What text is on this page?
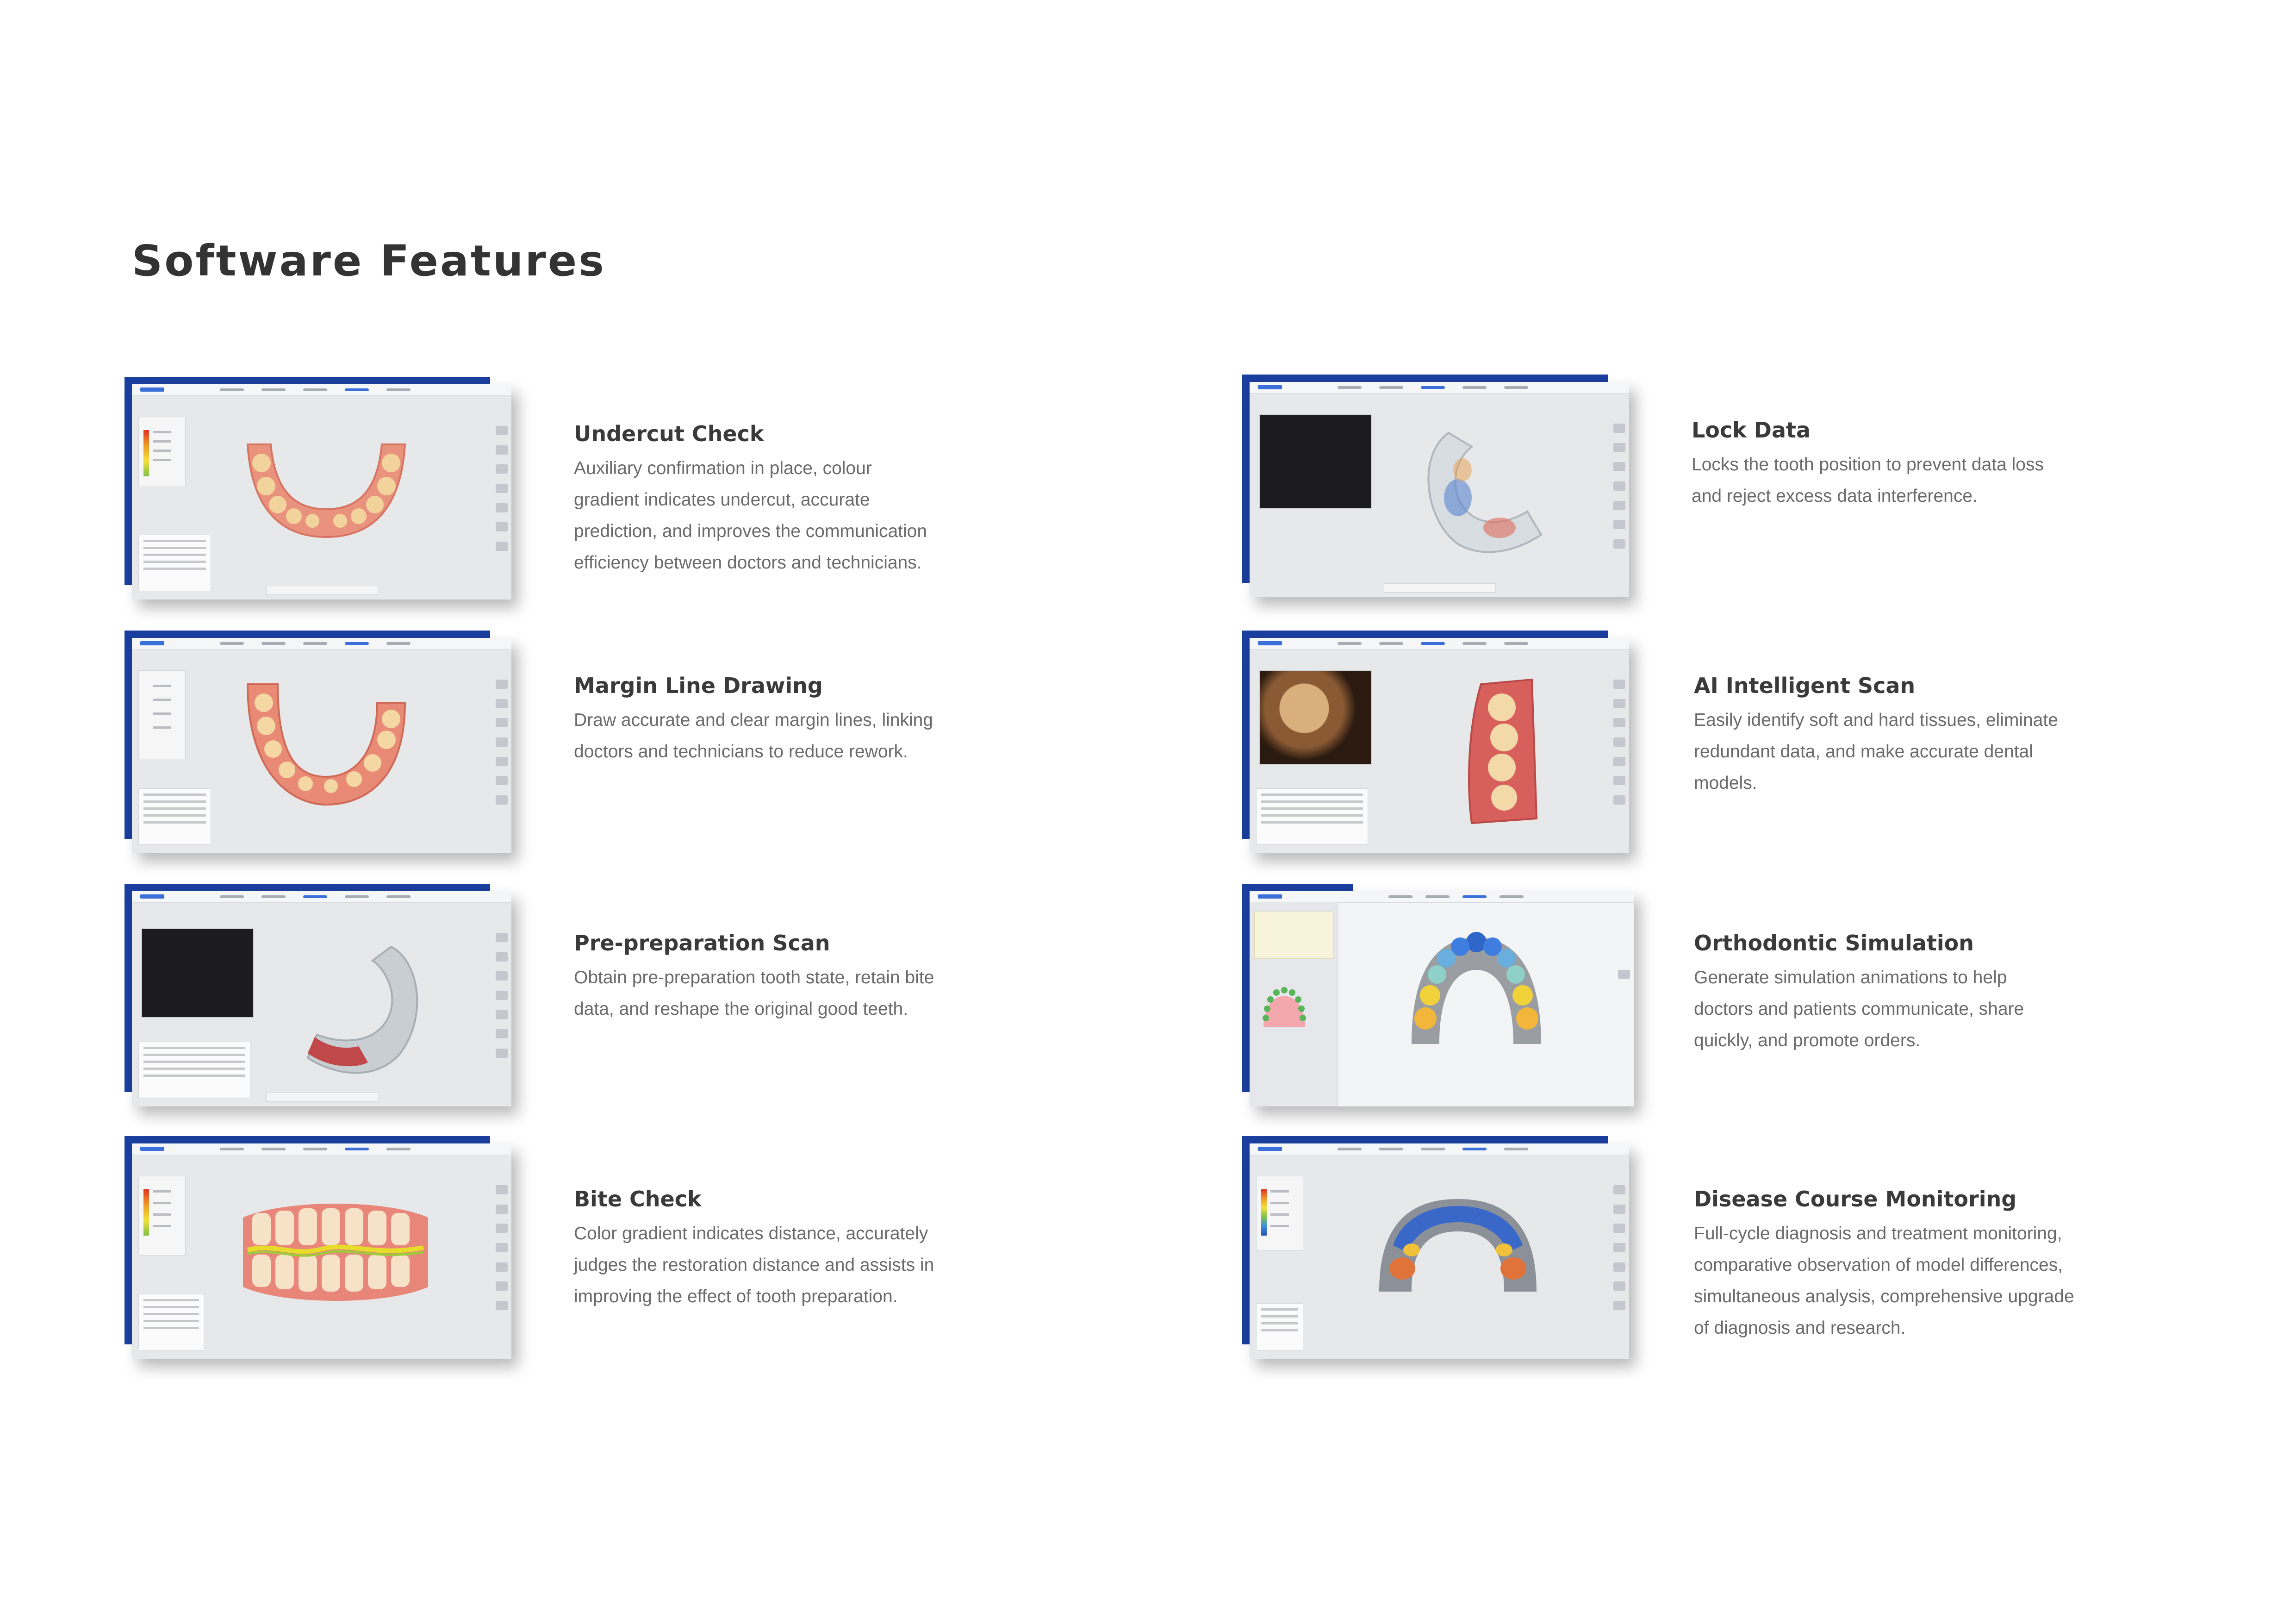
Software Features
Undercut Check

Auxiliary confirmation in place, colour
gradient indicates undercut, accurate
prediction, and improves the communication
efficiency between doctors and technicians.

Margin Line Drawing

Draw accurate and clear margin lines, linking
doctors and technicians to reduce rework.

Pre-preparation Scan

Obtain pre-preparation tooth state, retain bite
data, and reshape the original good teeth.

Bite Check

Color gradient indicates distance, accurately
judges the restoration distance and assists in
improving the effect of tooth preparation.

Lock Data

Locks the tooth position to prevent data loss
and reject excess data interference.

AI Intelligent Scan

Easily identify soft and hard tissues, eliminate
redundant data, and make accurate dental
models.

Orthodontic Simulation

Generate simulation animations to help
doctors and patients communicate, share
quickly, and promote orders.

Disease Course Monitoring

Full-cycle diagnosis and treatment monitoring,
comparative observation of model differences,
simultaneous analysis, comprehensive upgrade
of diagnosis and research.
